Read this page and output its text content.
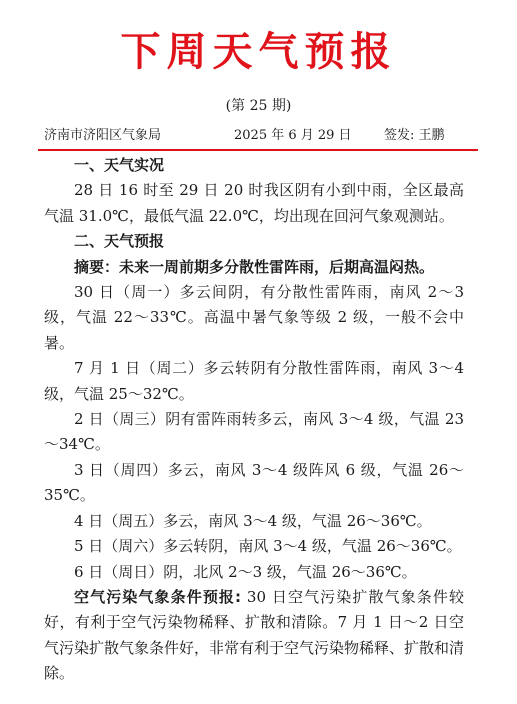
下周天气预报
(第 25 期)
济南市济阳区气象局	2025 年 6 月 29 日 签发: 王鹏

一、天气实况

28 日 16 时至 29 日 20 时我区阴有小到中雨，全区最高气温 31.0℃，最低气温 22.0℃，均出现在回河气象观测站。

二、天气预报

摘要：未来一周前期多分散性雷阵雨，后期高温闷热。

30 日（周一）多云间阴，有分散性雷阵雨，南风 2～3 级，气温 22～33℃。高温中暑气象等级 2 级，一般不会中暑。

7 月 1 日（周二）多云转阴有分散性雷阵雨，南风 3～4 级，气温 25～32℃。

2 日（周三）阴有雷阵雨转多云，南风 3～4 级，气温 23～34℃。

3 日（周四）多云，南风 3～4 级阵风 6 级，气温 26～35℃。

4 日（周五）多云，南风 3～4 级，气温 26～36℃。

5 日（周六）多云转阴，南风 3～4 级，气温 26～36℃。

6 日（周日）阴，北风 2～3 级，气温 26～36℃。

空气污染气象条件预报: 30 日空气污染扩散气象条件较好，有利于空气污染物稀释、扩散和清除。7 月 1 日～2 日空气污染扩散气象条件好，非常有利于空气污染物稀释、扩散和清除。
